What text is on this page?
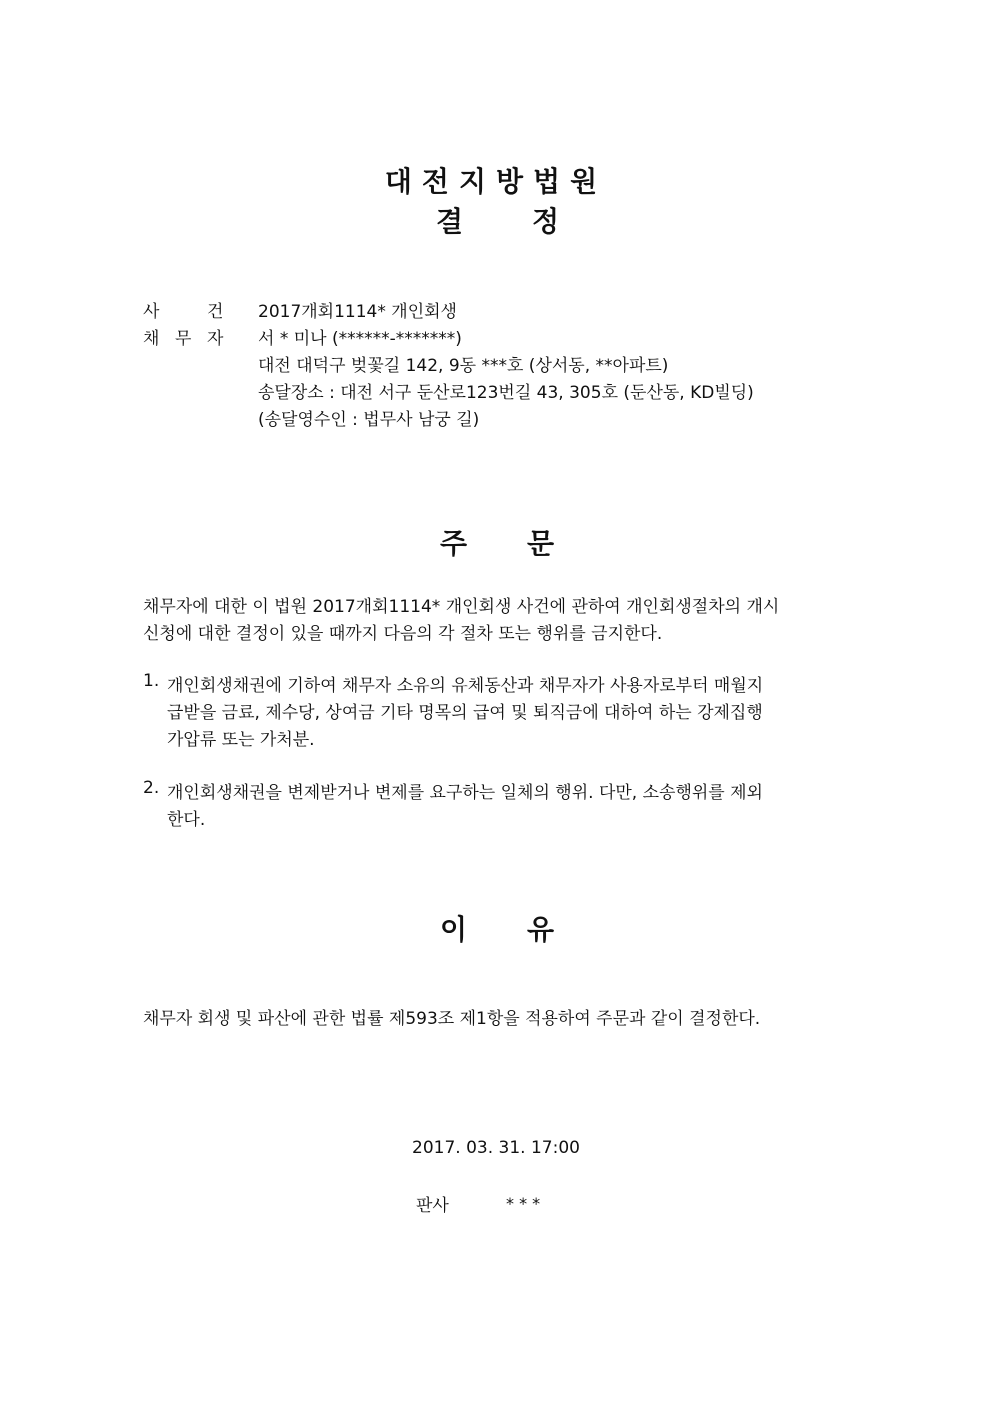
대전지방법원
결 정
사	건 2017개회1114* 개인회생
채 무 자 서 * 미나 (******-*******)
대전 대덕구 벚꽃길 142, 9동 ***호 (상서동, **아파트)
송달장소 : 대전 서구 둔산로123번길 43, 305호 (둔산동, KD빌딩)
(송달영수인 : 법무사 남궁 길)
주 문
채무자에 대한 이 법원 2017개회1114* 개인회생 사건에 관하여 개인회생절차의 개시
신청에 대한 결정이 있을 때까지 다음의 각 절차 또는 행위를 금지한다.
1. 개인회생채권에 기하여 채무자 소유의 유체동산과 채무자가 사용자로부터 매월지
급받을 금료, 제수당, 상여금 기타 명목의 급여 및 퇴직금에 대하여 하는 강제집행
가압류 또는 가처분.
2. 개인회생채권을 변제받거나 변제를 요구하는 일체의 행위. 다만, 소송행위를 제외
한다.
이 유
채무자 회생 및 파산에 관한 법률 제593조 제1항을 적용하여 주문과 같이 결정한다.
2017. 03. 31. 17:00
판사	* * *
